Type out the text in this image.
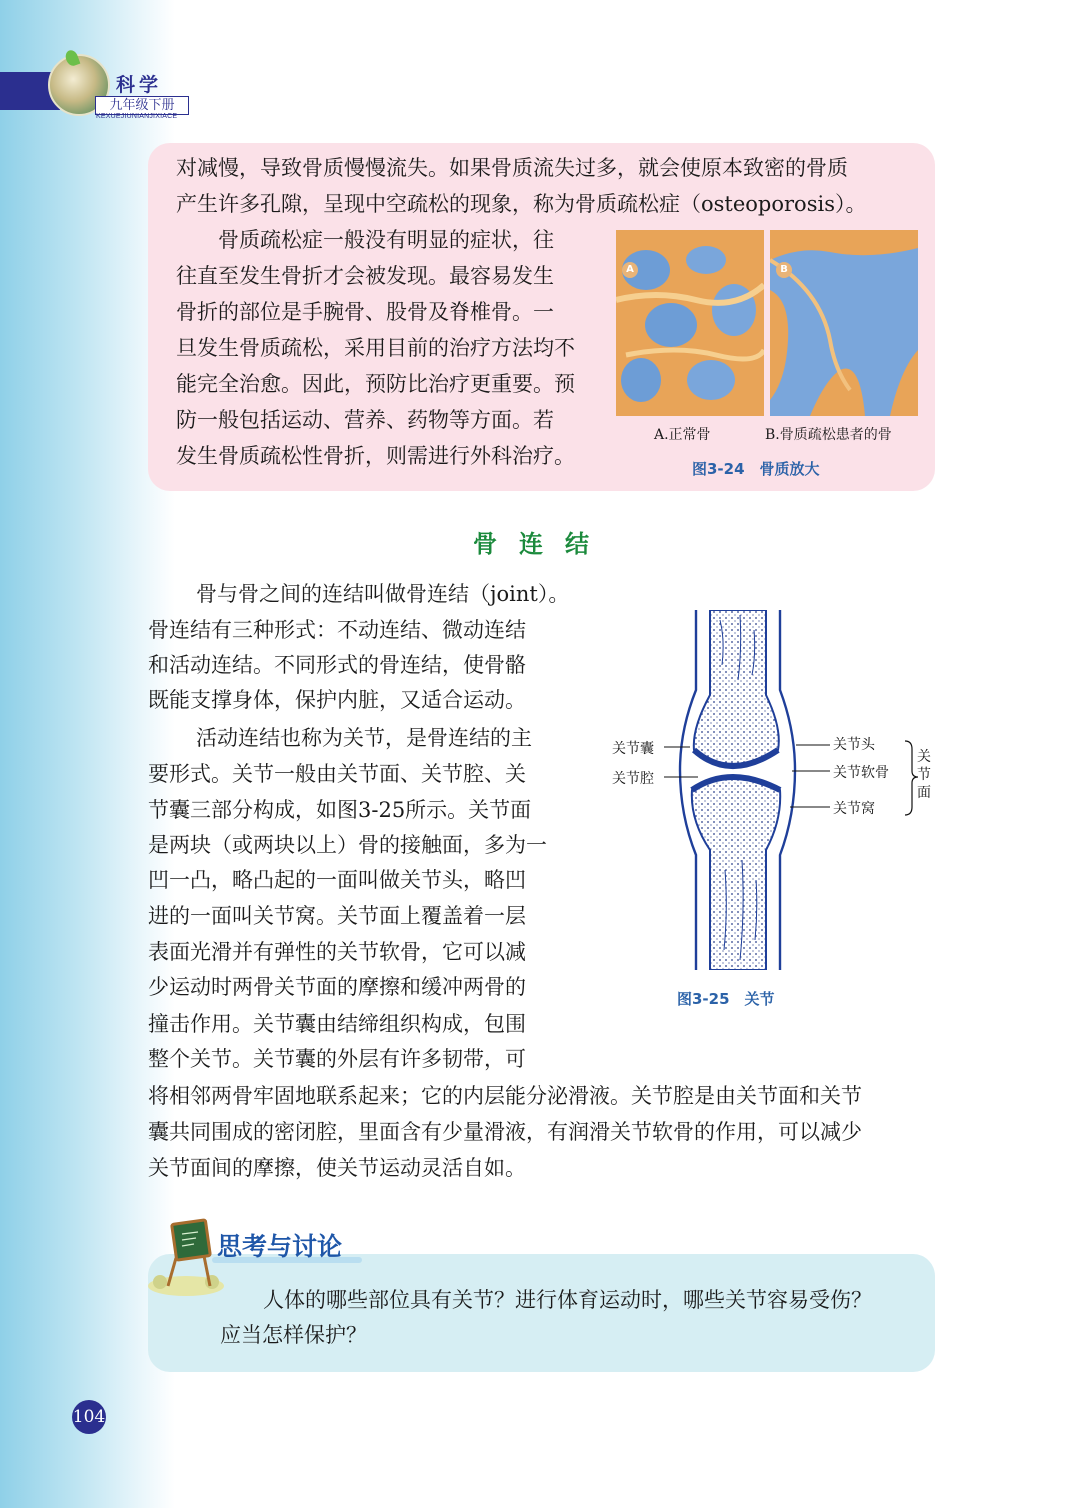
科学
九年级下册
KEXUEJIUNIANJIXIACE

对减慢，导致骨质慢慢流失。如果骨质流失过多，就会使原本致密的骨质

产生许多孔隙，呈现中空疏松的现象，称为骨质疏松症（osteoporosis）。

骨质疏松症一般没有明显的症状，往

往直至发生骨折才会被发现。最容易发生

骨折的部位是手腕骨、股骨及脊椎骨。一

旦发生骨质疏松，采用目前的治疗方法均不

能完全治愈。因此，预防比治疗更重要。预

防一般包括运动、营养、药物等方面。若

发生骨质疏松性骨折，则需进行外科治疗。

A	B
A.正常骨	B.骨质疏松患者的骨
图3-24　骨质放大
骨连结

骨与骨之间的连结叫做骨连结（joint）。

骨连结有三种形式：不动连结、微动连结

和活动连结。不同形式的骨连结，使骨骼

既能支撑身体，保护内脏，又适合运动。

活动连结也称为关节，是骨连结的主

要形式。关节一般由关节面、关节腔、关

节囊三部分构成，如图3-25所示。关节面

是两块（或两块以上）骨的接触面，多为一

凹一凸，略凸起的一面叫做关节头，略凹

进的一面叫关节窝。关节面上覆盖着一层

表面光滑并有弹性的关节软骨，它可以减

少运动时两骨关节面的摩擦和缓冲两骨的

撞击作用。关节囊由结缔组织构成，包围

整个关节。关节囊的外层有许多韧带，可

关节囊
关节腔
关节头
关节软骨
关节窝
关节面
图3-25　关节

将相邻两骨牢固地联系起来；它的内层能分泌滑液。关节腔是由关节面和关节

囊共同围成的密闭腔，里面含有少量滑液，有润滑关节软骨的作用，可以减少

关节面间的摩擦，使关节运动灵活自如。

思考与讨论

人体的哪些部位具有关节？进行体育运动时，哪些关节容易受伤？

应当怎样保护？

104
